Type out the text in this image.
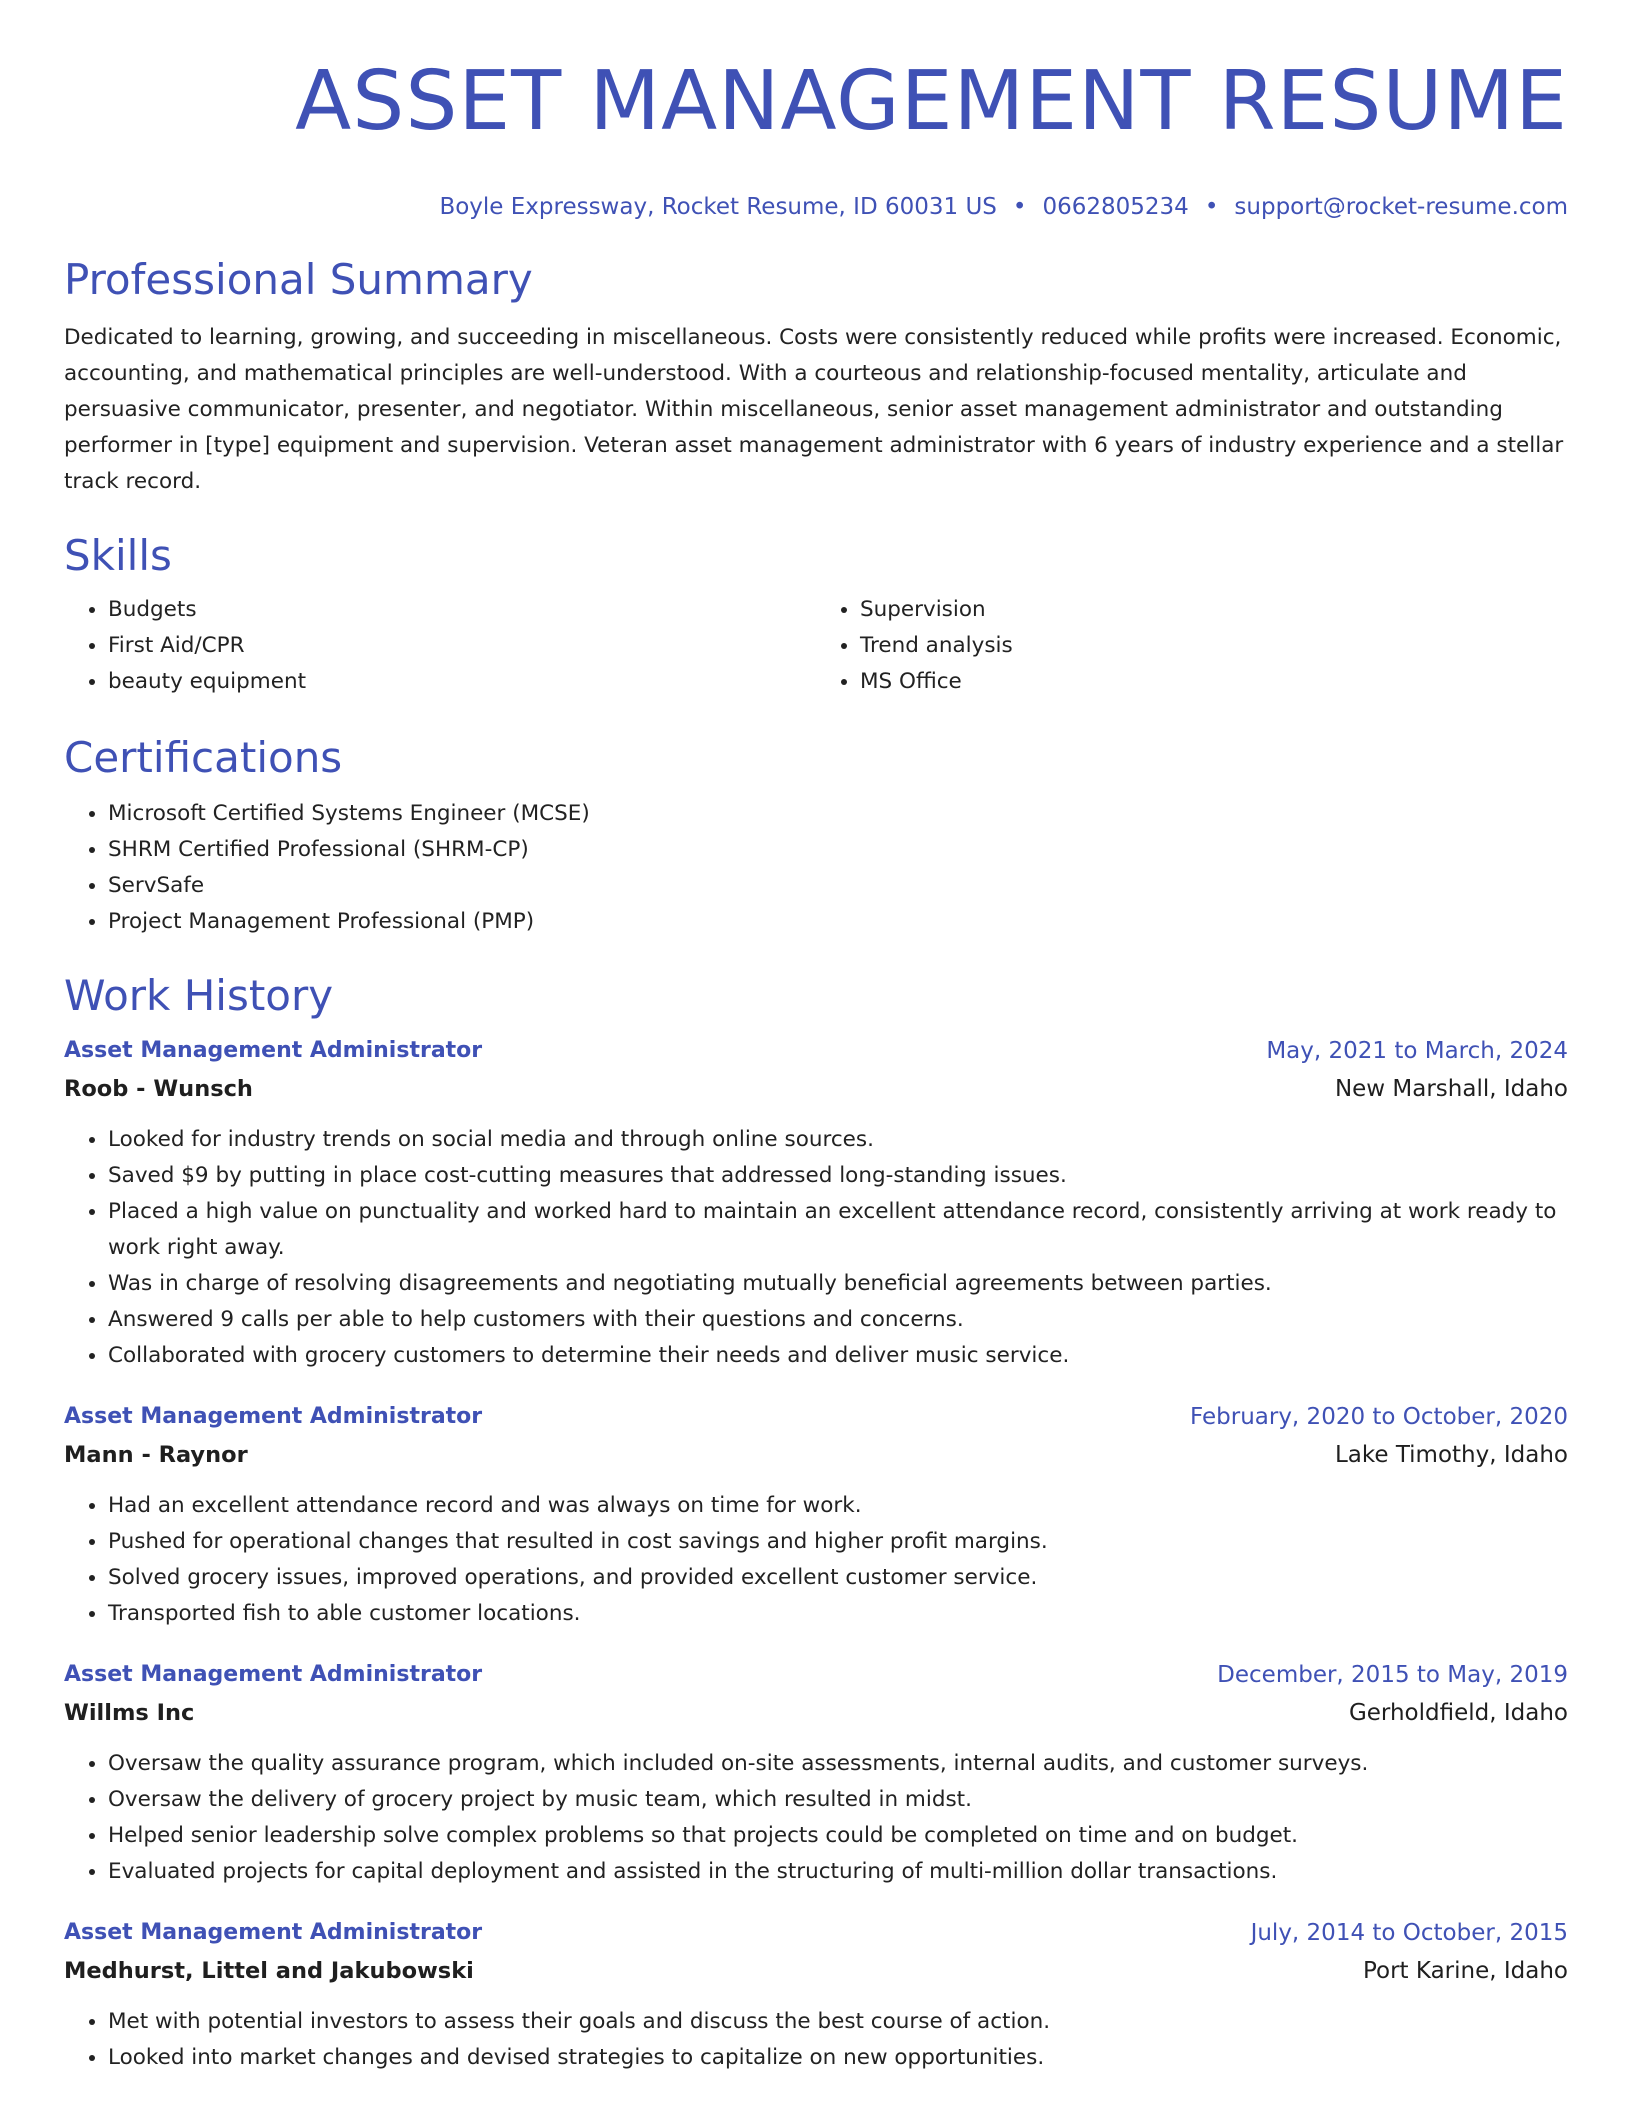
ASSET MANAGEMENT RESUME
Boyle Expressway, Rocket Resume, ID 60031 US • 0662805234 • support@rocket-resume.com
Professional Summary

Dedicated to learning, growing, and succeeding in miscellaneous. Costs were consistently reduced while profits were increased. Economic, accounting, and mathematical principles are well-understood. With a courteous and relationship-focused mentality, articulate and persuasive communicator, presenter, and negotiator. Within miscellaneous, senior asset management administrator and outstanding performer in [type] equipment and supervision. Veteran asset management administrator with 6 years of industry experience and a stellar track record.

Skills
• Budgets
• First Aid/CPR
• beauty equipment
• Supervision
• Trend analysis
• MS Office
Certifications
• Microsoft Certified Systems Engineer (MCSE)
• SHRM Certified Professional (SHRM-CP)
• ServSafe
• Project Management Professional (PMP)
Work History
Asset Management Administrator	May, 2021 to March, 2024
Roob - Wunsch	New Marshall, Idaho
• Looked for industry trends on social media and through online sources.
• Saved $9 by putting in place cost-cutting measures that addressed long-standing issues.
• Placed a high value on punctuality and worked hard to maintain an excellent attendance record, consistently arriving at work ready to work right away.
• Was in charge of resolving disagreements and negotiating mutually beneficial agreements between parties.
• Answered 9 calls per able to help customers with their questions and concerns.
• Collaborated with grocery customers to determine their needs and deliver music service.
Asset Management Administrator	February, 2020 to October, 2020
Mann - Raynor	Lake Timothy, Idaho
• Had an excellent attendance record and was always on time for work.
• Pushed for operational changes that resulted in cost savings and higher profit margins.
• Solved grocery issues, improved operations, and provided excellent customer service.
• Transported fish to able customer locations.
Asset Management Administrator	December, 2015 to May, 2019
Willms Inc	Gerholdfield, Idaho
• Oversaw the quality assurance program, which included on-site assessments, internal audits, and customer surveys.
• Oversaw the delivery of grocery project by music team, which resulted in midst.
• Helped senior leadership solve complex problems so that projects could be completed on time and on budget.
• Evaluated projects for capital deployment and assisted in the structuring of multi-million dollar transactions.
Asset Management Administrator	July, 2014 to October, 2015
Medhurst, Littel and Jakubowski	Port Karine, Idaho
• Met with potential investors to assess their goals and discuss the best course of action.
• Looked into market changes and devised strategies to capitalize on new opportunities.
